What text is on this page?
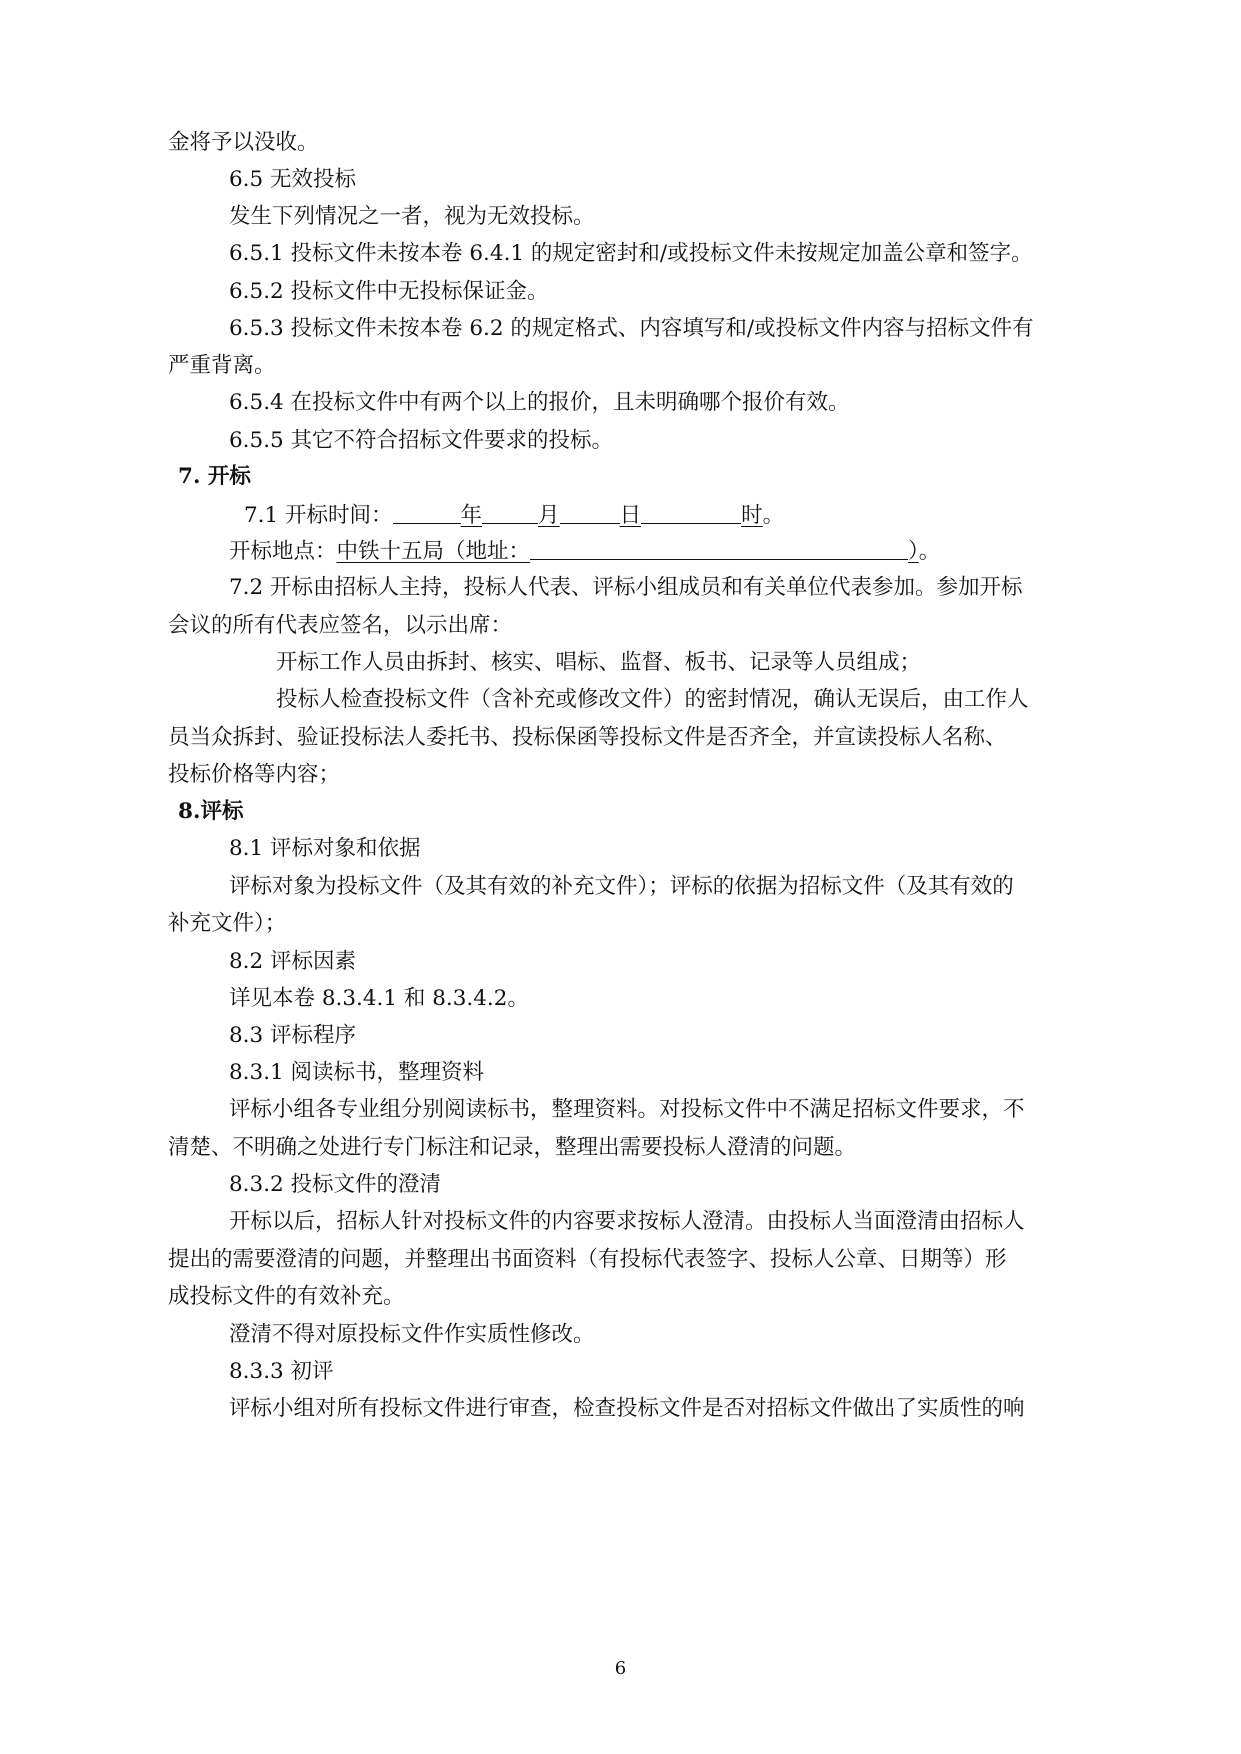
金将予以没收。
6.5 无效投标
发生下列情况之一者，视为无效投标。
6.5.1 投标文件未按本卷 6.4.1 的规定密封和/或投标文件未按规定加盖公章和签字。
6.5.2 投标文件中无投标保证金。
6.5.3 投标文件未按本卷 6.2 的规定格式、内容填写和/或投标文件内容与招标文件有
严重背离。
6.5.4 在投标文件中有两个以上的报价，且未明确哪个报价有效。
6.5.5 其它不符合招标文件要求的投标。
7. 开标
7.1 开标时间：	年	月	日	时。
开标地点：中铁十五局（地址：	）。
7.2 开标由招标人主持，投标人代表、评标小组成员和有关单位代表参加。参加开标
会议的所有代表应签名，以示出席：
开标工作人员由拆封、核实、唱标、监督、板书、记录等人员组成；
投标人检查投标文件（含补充或修改文件）的密封情况，确认无误后，由工作人
员当众拆封、验证投标法人委托书、投标保函等投标文件是否齐全，并宣读投标人名称、
投标价格等内容；
8.评标
8.1 评标对象和依据
评标对象为投标文件（及其有效的补充文件）；评标的依据为招标文件（及其有效的
补充文件）；
8.2 评标因素
详见本卷 8.3.4.1 和 8.3.4.2。
8.3 评标程序
8.3.1 阅读标书，整理资料
评标小组各专业组分别阅读标书，整理资料。对投标文件中不满足招标文件要求，不
清楚、不明确之处进行专门标注和记录，整理出需要投标人澄清的问题。
8.3.2 投标文件的澄清
开标以后，招标人针对投标文件的内容要求按标人澄清。由投标人当面澄清由招标人
提出的需要澄清的问题，并整理出书面资料（有投标代表签字、投标人公章、日期等）形
成投标文件的有效补充。
澄清不得对原投标文件作实质性修改。
8.3.3 初评
评标小组对所有投标文件进行审查，检查投标文件是否对招标文件做出了实质性的响
6
